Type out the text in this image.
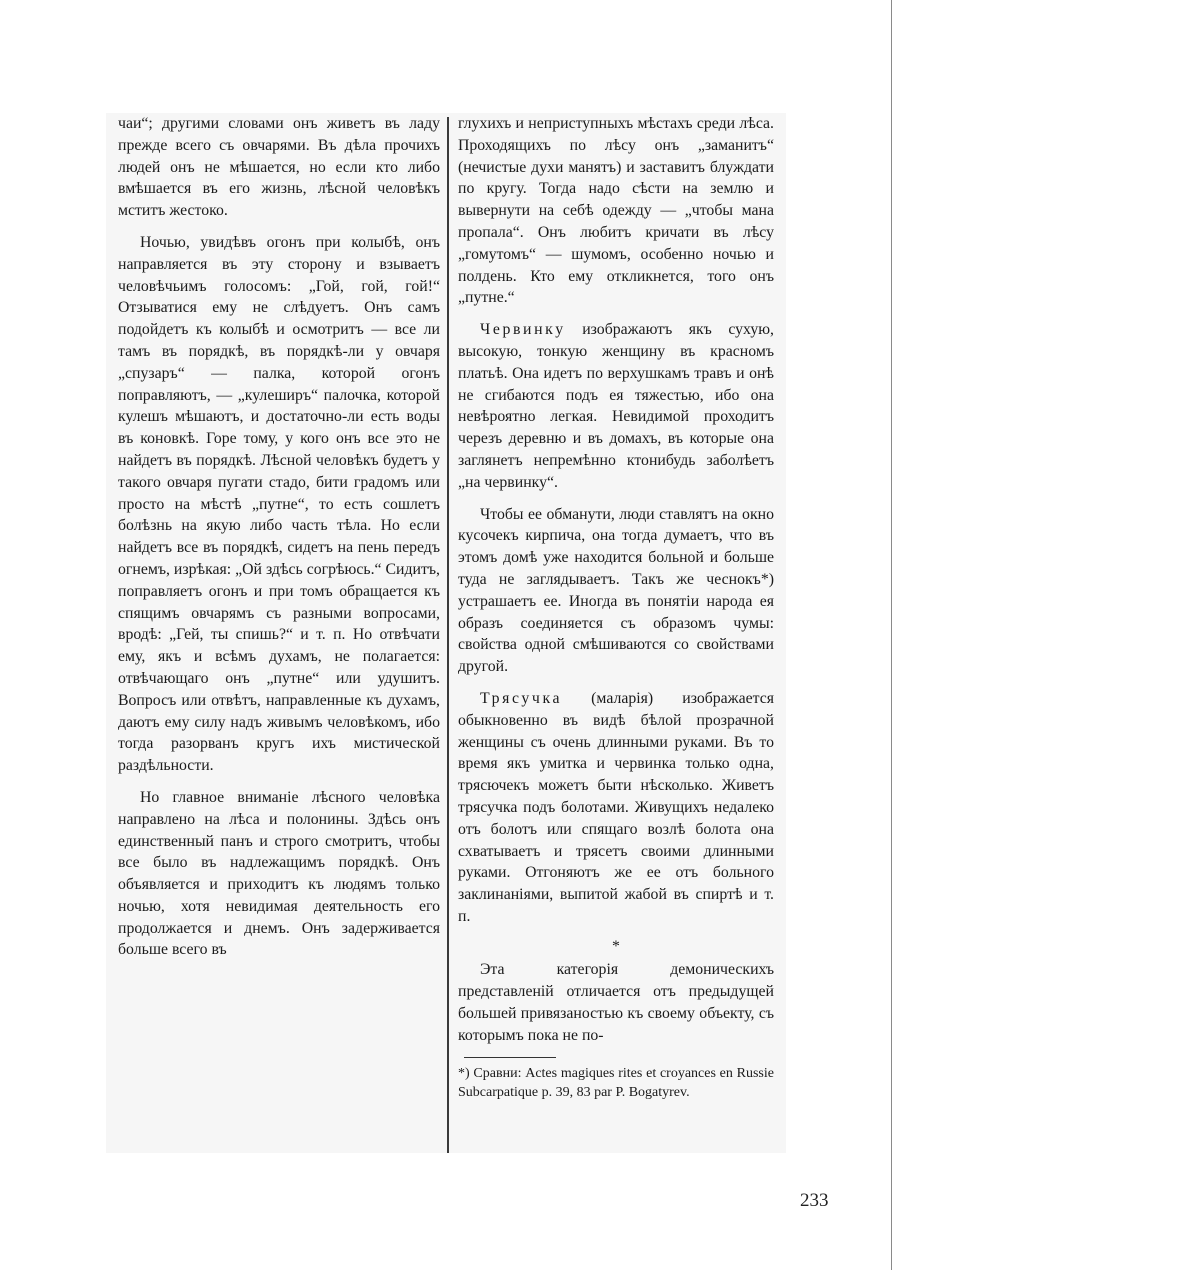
чаи“; другими словами онъ живетъ въ ладу прежде всего съ овчарями. Въ дѣла прочихъ людей онъ не мѣшается, но если кто либо вмѣшается въ его жизнь, лѣсной человѣкъ мститъ жестоко.

Ночью, увидѣвъ огонъ при колыбѣ, онъ направляется въ эту сторону и взываетъ человѣчьимъ голосомъ: „Гой, гой, гой!“ Отзыватися ему не слѣдуетъ. Онъ самъ подойдетъ къ колыбѣ и осмотритъ — все ли тамъ въ порядкѣ, въ порядкѣ-ли у овчаря „спузаръ“ — палка, которой огонъ поправляютъ, — „кулеширъ“ палочка, которой кулешъ мѣшаютъ, и достаточно-ли есть воды въ коновкѣ. Горе тому, у кого онъ все это не найдетъ въ порядкѣ. Лѣсной человѣкъ будетъ у такого овчаря пугати стадо, бити градомъ или просто на мѣстѣ „путне“, то есть сошлетъ болѣзнь на якую либо часть тѣла. Но если найдетъ все въ порядкѣ, сидетъ на пень передъ огнемъ, изрѣкая: „Ой здѣсь согрѣюсь.“ Сидитъ, поправляетъ огонъ и при томъ обращается къ спящимъ овчарямъ съ разными вопросами, вродѣ: „Гей, ты спишь?“ и т. п. Но отвѣчати ему, якъ и всѣмъ духамъ, не полагается: отвѣчающаго онъ „путне“ или удушитъ. Вопросъ или отвѣтъ, направленные къ духамъ, даютъ ему силу надъ живымъ человѣкомъ, ибо тогда разорванъ кругъ ихъ мистической раздѣльности.

Но главное вниманіе лѣсного человѣка направлено на лѣса и полонины. Здѣсь онъ единственный панъ и строго смотритъ, чтобы все было въ надлежащимъ порядкѣ. Онъ объявляется и приходитъ къ людямъ только ночью, хотя невидимая деятельность его продолжается и днемъ. Онъ задерживается больше всего въ

глухихъ и неприступныхъ мѣстахъ среди лѣса. Проходящихъ по лѣсу онъ „заманитъ“ (нечистые духи манятъ) и заставитъ блуждати по кругу. Тогда надо сѣсти на землю и вывернути на себѣ одежду — „чтобы мана пропала“. Онъ любитъ кричати въ лѣсу „гомутомъ“ — шумомъ, особенно ночью и полдень. Кто ему откликнется, того онъ „путне.“

Червинку изображаютъ якъ сухую, высокую, тонкую женщину въ красномъ платьѣ. Она идетъ по верхушкамъ травъ и онѣ не сгибаются подъ ея тяжестью, ибо она невѣроятно легкая. Невидимой проходитъ черезъ деревню и въ домахъ, въ которые она заглянетъ непремѣнно ктонибудь заболѣетъ „на червинку“.

Чтобы ее обманути, люди ставлятъ на окно кусочекъ кирпича, она тогда думаетъ, что въ этомъ домѣ уже находится больной и больше туда не заглядываетъ. Такъ же чеснокъ*) устрашаетъ ее. Иногда въ понятіи народа ея образъ соединяется съ образомъ чумы: свойства одной смѣшиваются со свойствами другой.

Трясучка (маларія) изображается обыкновенно въ видѣ бѣлой прозрачной женщины съ очень длинными руками. Въ то время якъ умитка и червинка только одна, трясючекъ можетъ быти нѣсколько. Живетъ трясучка подъ болотами. Живущихъ недалеко отъ болотъ или спящаго возлѣ болота она схватываетъ и трясетъ своими длинными руками. Отгоняютъ же ее отъ больного заклинаніями, выпитой жабой въ спиртѣ и т. п.

*

Эта категорія демоническихъ представленій отличается отъ предыдущей большей привязаностью къ своему объекту, съ которымъ пока не по-

*) Сравни: Actes magiques rites et croyances en Russie Subcarpatique p. 39, 83 par P. Bogatyrev.

233
